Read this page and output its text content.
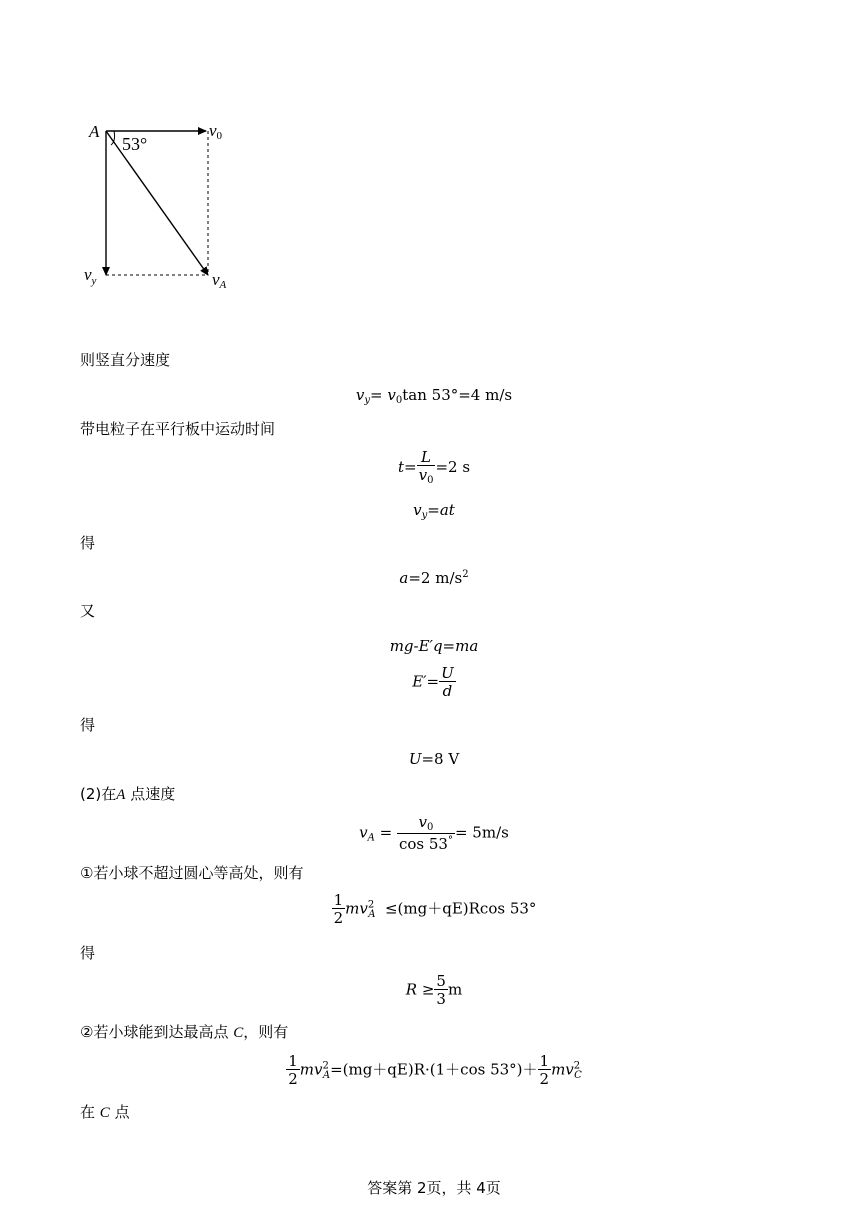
A
53°
v0
$v_y$	vA
则竖直分速度
$v_y= v_0\tan$ 53°=4 m/s
带电粒子在平行板中运动时间
$t= \frac{L}{v_0} =2$ s
$v_y=at$
得
a=2 $m/s^2$
又
mg-E′q=ma
$E'= \frac{U}{d}$
得
U=8 V
(2)在A 点速度
$v_A = \frac{v_0}{\cos 53^\circ} = 5m/s$
①若小球不超过圆心等高处，则有
$\frac{1}{2} mv^2_A \le(mg+qE)Rcos$ 53°
得
$R \ge \frac{5}{3}$ m
②若小球能到达最高点 C，则有
$\frac{1}{2} mv^2_A=(mg+qE)R\cdot(1+\cos$ $53^\circ)+ \frac{1}{2} mv^2_C$
在 C 点
答案第 2页，共 4页
